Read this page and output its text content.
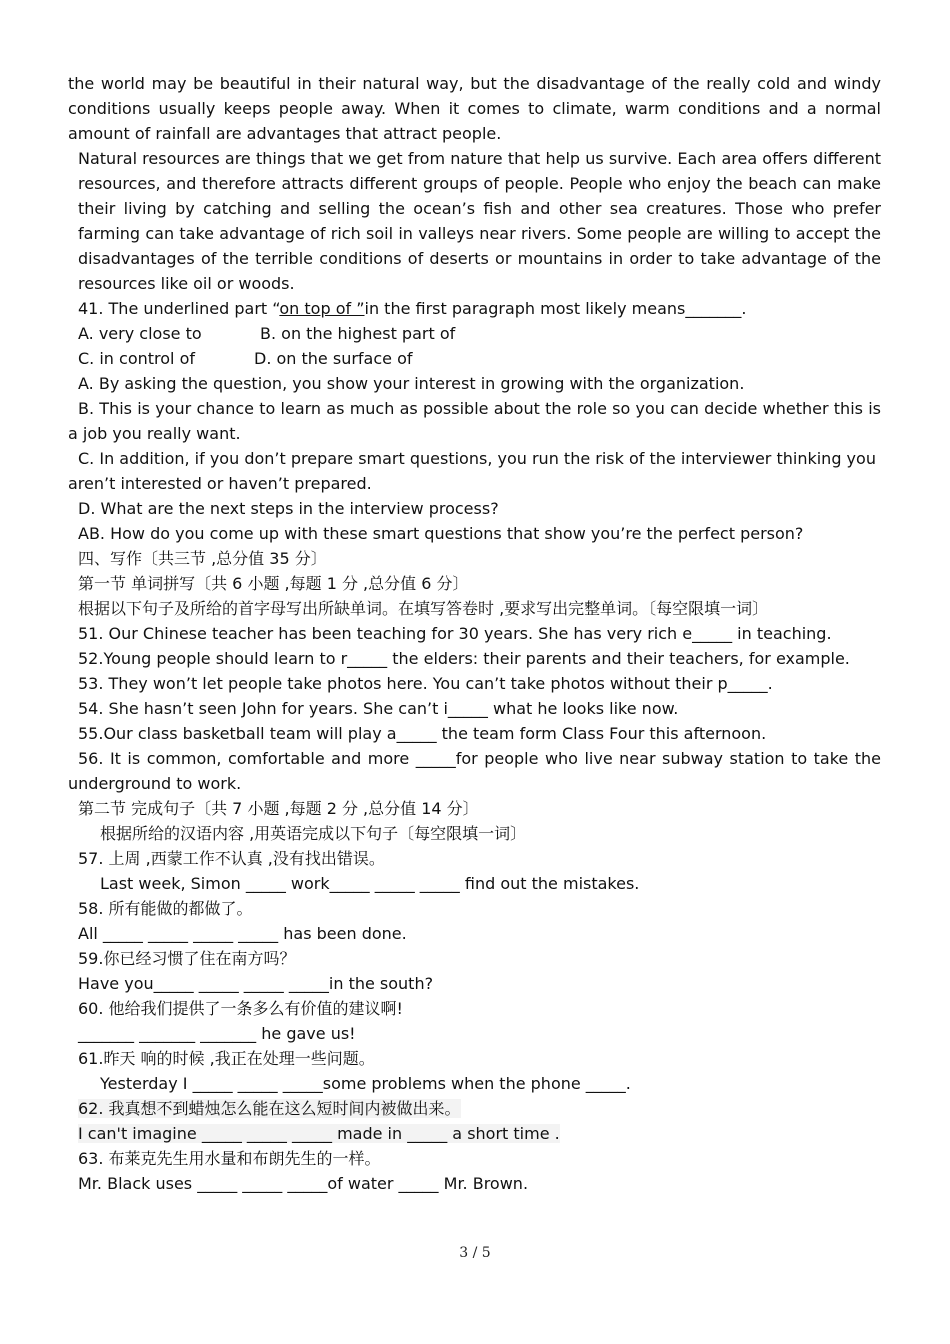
the world may be beautiful in their natural way, but the disadvantage of the really cold and windy conditions usually keeps people away. When it comes to climate, warm conditions and a normal amount of rainfall are advantages that attract people.

Natural resources are things that we get from nature that help us survive. Each area offers different resources, and therefore attracts different groups of people. People who enjoy the beach can make their living by catching and selling the ocean’s fish and other sea creatures. Those who prefer farming can take advantage of rich soil in valleys near rivers. Some people are willing to accept the disadvantages of the terrible conditions of deserts or mountains in order to take advantage of the resources like oil or woods.

41. The underlined part “on top of ”in the first paragraph most likely means_______.

A. very close to	B. on the highest part of

C. in control of	D. on the surface of

A. By asking the question, you show your interest in growing with the organization.

B. This is your chance to learn as much as possible about the role so you can decide whether this is a job you really want.

C. In addition, if you don’t prepare smart questions, you run the risk of the interviewer thinking you aren’t interested or haven’t prepared.

D. What are the next steps in the interview process?

AB. How do you come up with these smart questions that show you’re the perfect person?

四、写作〔共三节 ,总分值 35 分〕

第一节 单词拼写〔共 6 小题 ,每题 1 分 ,总分值 6 分〕

根据以下句子及所给的首字母写出所缺单词。在填写答卷时 ,要求写出完整单词。〔每空限填一词〕

51. Our Chinese teacher has been teaching for 30 years. She has very rich e_____ in teaching.

52.Young people should learn to r_____ the elders: their parents and their teachers, for example.

53. They won’t let people take photos here. You can’t take photos without their p_____.

54. She hasn’t seen John for years. She can’t i_____ what he looks like now.

55.Our class basketball team will play a_____ the team form Class Four this afternoon.

56. It is common, comfortable and more _____for people who live near subway station to take the underground to work.

第二节 完成句子〔共 7 小题 ,每题 2 分 ,总分值 14 分〕

根据所给的汉语内容 ,用英语完成以下句子〔每空限填一词〕

57. 上周 ,西蒙工作不认真 ,没有找出错误。

Last week, Simon _____ work_____ _____ _____ find out the mistakes.

58. 所有能做的都做了。

All _____ _____ _____ _____ has been done.

59.你已经习惯了住在南方吗？

Have you_____ _____ _____ _____in the south?

60. 他给我们提供了一条多么有价值的建议啊!

_______ _______ _______ he gave us!

61.昨天 响的时候 ,我正在处理一些问题。

Yesterday I _____ _____ _____some problems when the phone _____.

62. 我真想不到蜡烛怎么能在这么短时间内被做出来。

I can't imagine _____ _____ _____ made in _____ a short time .

63. 布莱克先生用水量和布朗先生的一样。

Mr. Black uses _____ _____ _____of water _____ Mr. Brown.

3 / 5
